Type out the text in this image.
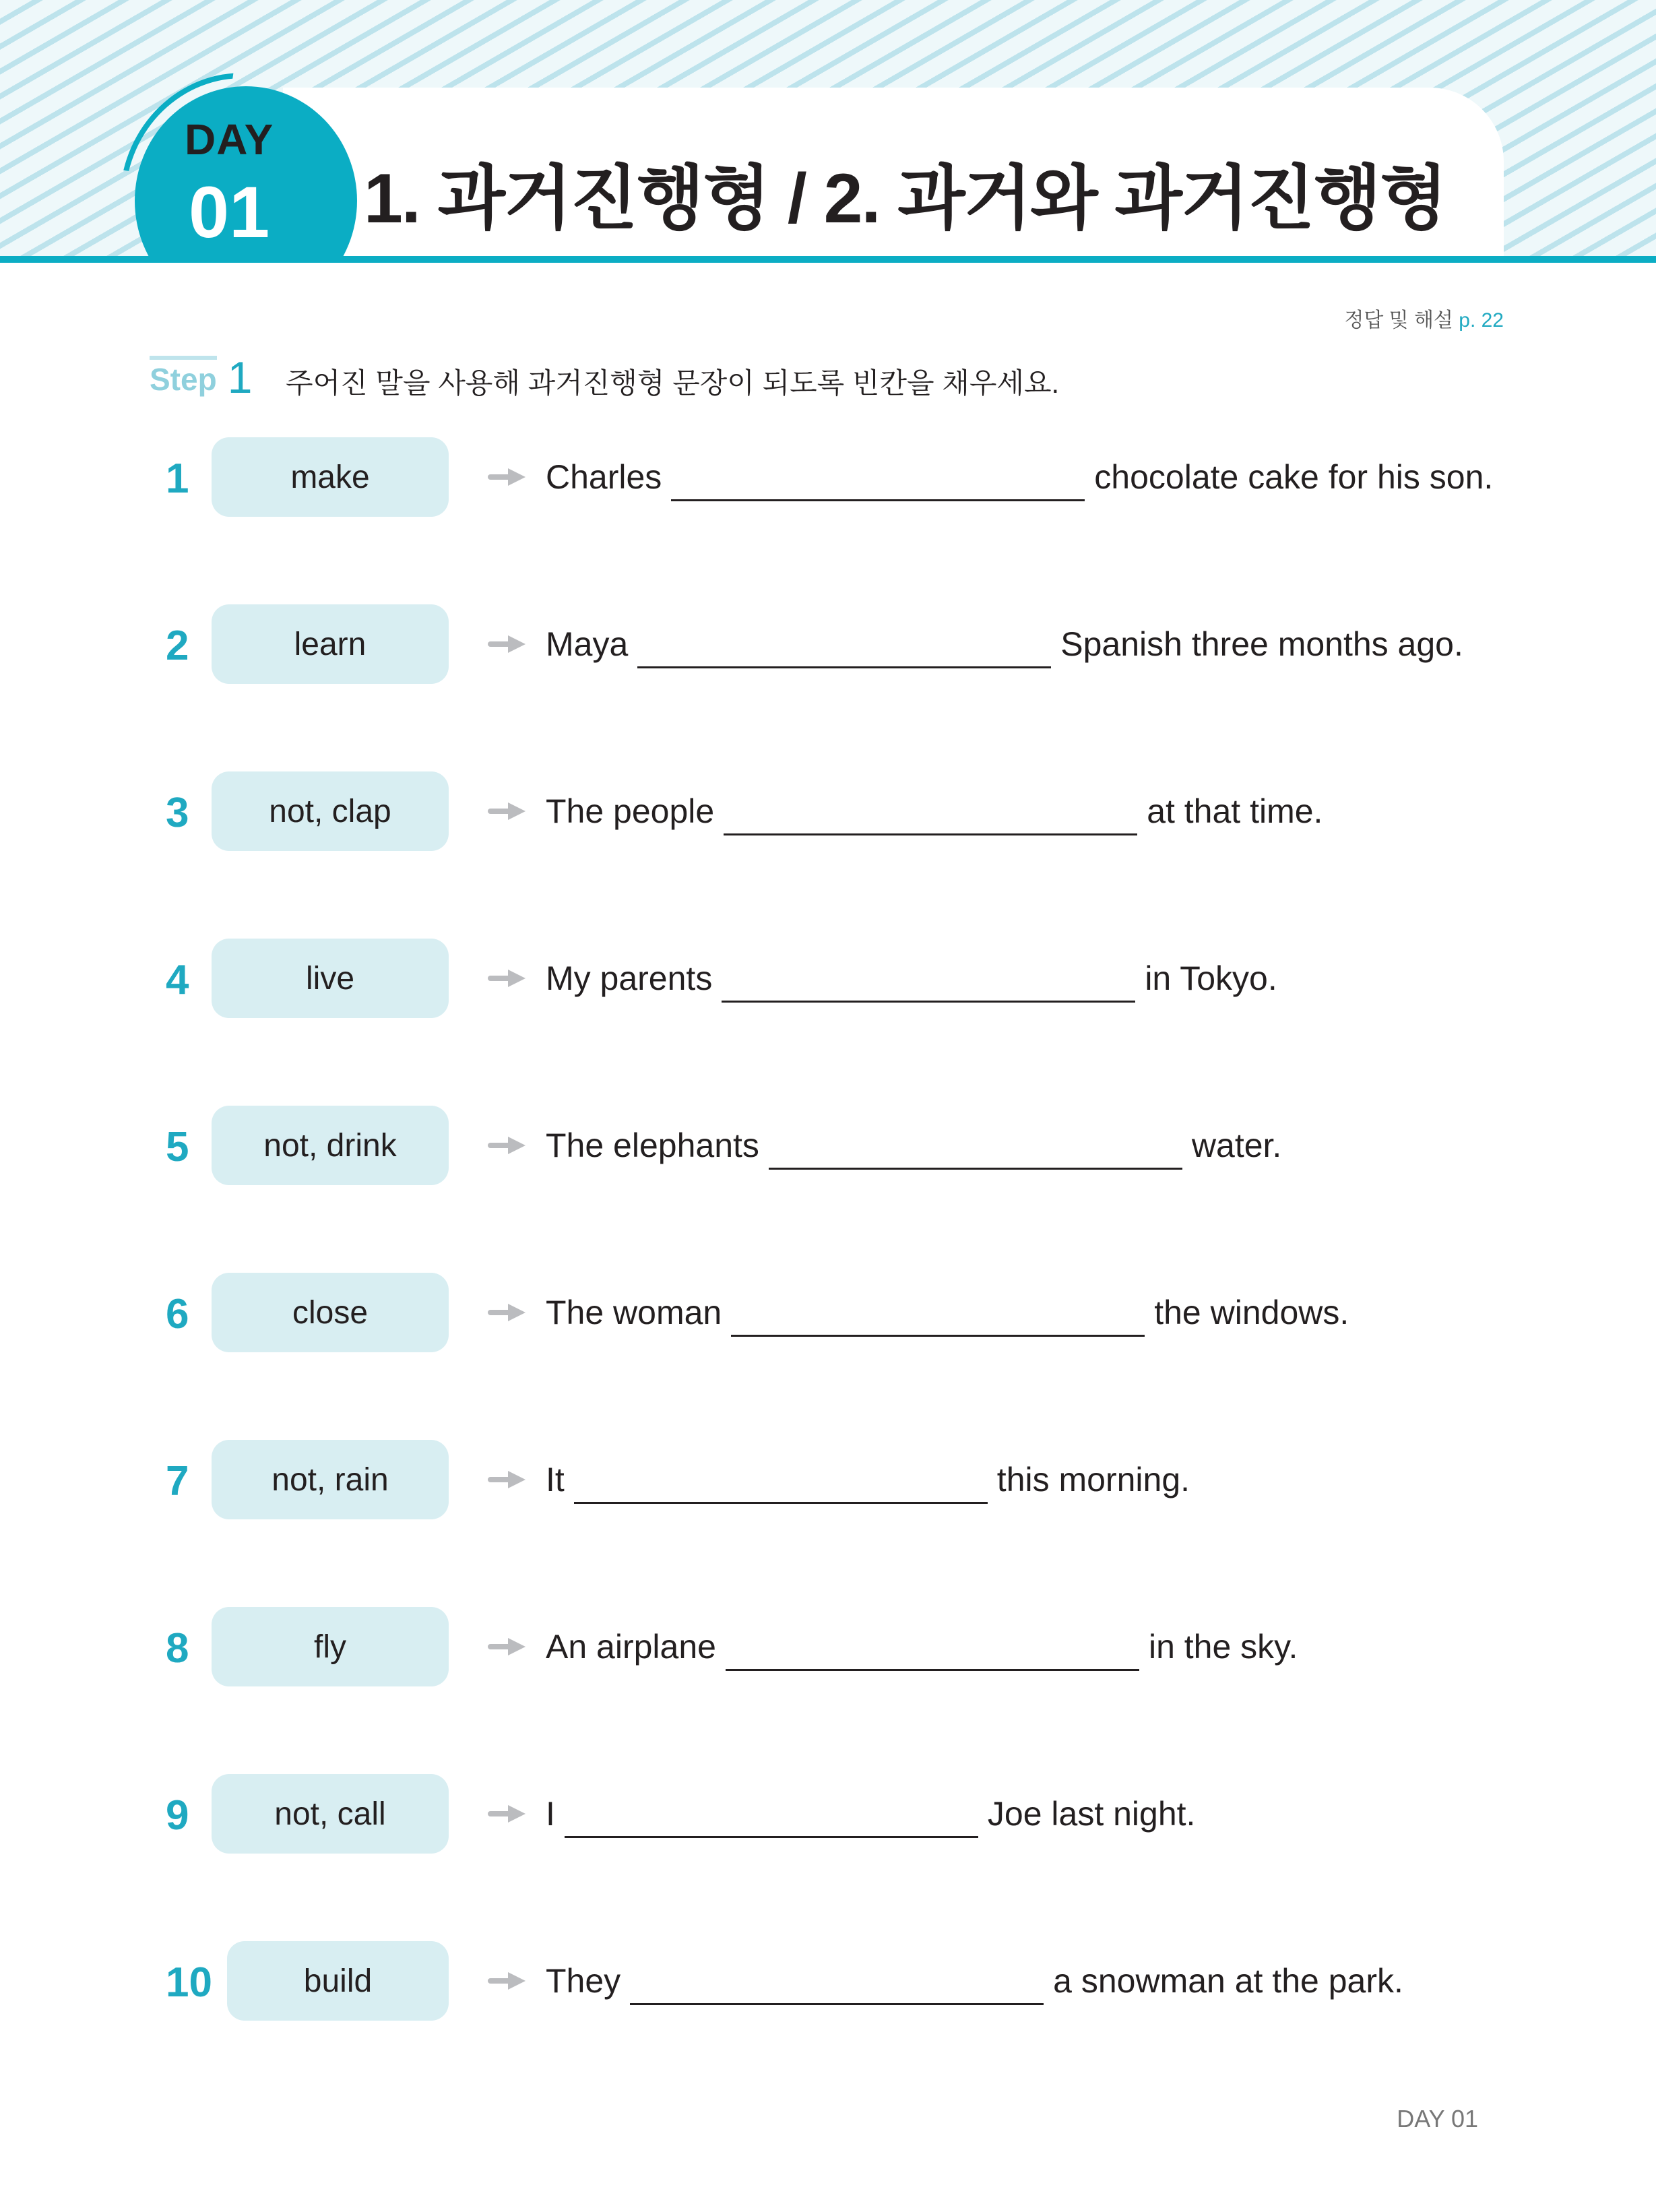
DAY
01 1. 과거진행형 / 2. 과거와 과거진행형
정답 및 해설 p. 22
Step 1 주어진 말을 사용해 과거진행형 문장이 되도록 빈칸을 채우세요.
1	make	Charles	chocolate cake for his son.
2	learn	Maya	Spanish three months ago.
3	not, clap	The people	at that time.
4	live	My parents	in Tokyo.
5	not, drink	The elephants	water.
6	close	The woman	the windows.
7	not, rain	It	this morning.
8	fly	An airplane	in the sky.
9	not, call	I	Joe last night.
10	build	They	a snowman at the park.
DAY 01
